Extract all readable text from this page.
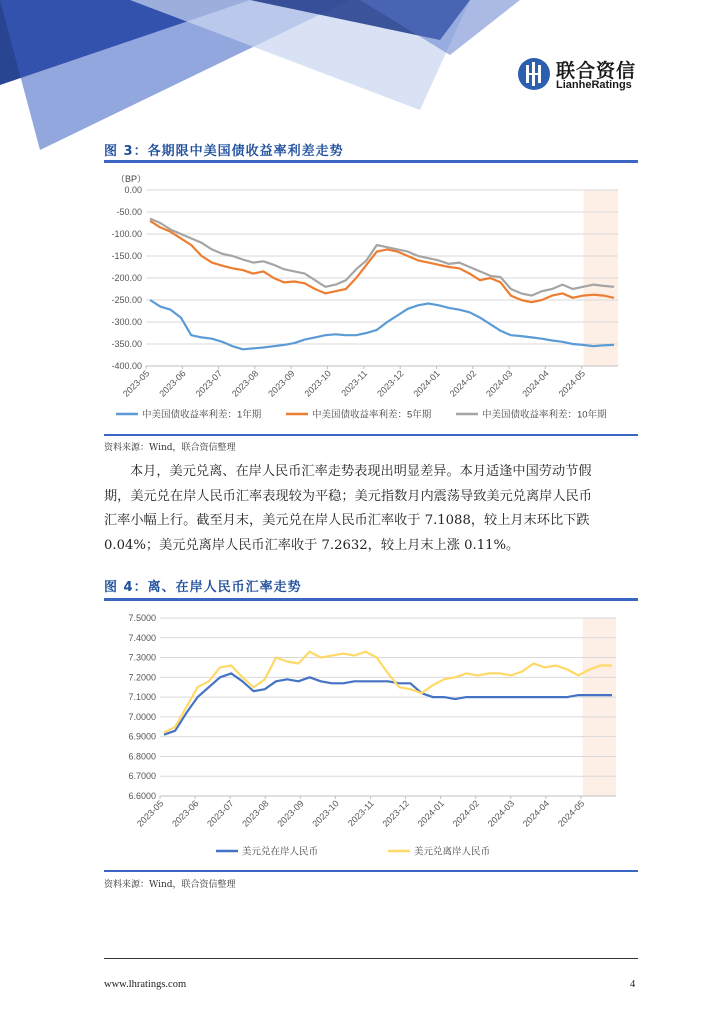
联合资信
LianheRatings
图 3：各期限中美国债收益率利差走势
0.00
-50.00
-100.00
-150.00
-200.00
-250.00
-300.00
-350.00
-400.00
2023-05 2023-06 2023-07 2023-08 2023-09 2023-10 2023-11 2023-12 2024-01 2024-02 2024-03 2024-04 2024-05
中美国债收益率利差：1年期	中美国债收益率利差：5年期	中美国债收益率利差：10年期
（BP）
资料来源：Wind，联合资信整理
本月，美元兑离、在岸人民币汇率走势表现出明显差异。本月适逢中国劳动节假
期，美元兑在岸人民币汇率表现较为平稳；美元指数月内震荡导致美元兑离岸人民币
汇率小幅上行。截至月末，美元兑在岸人民币汇率收于 7.1088，较上月末环比下跌
0.04%；美元兑离岸人民币汇率收于 7.2632，较上月末上涨 0.11%。
图 4：离、在岸人民币汇率走势
7.5000
7.4000
7.3000
7.2000
7.1000
7.0000
6.9000
6.8000
6.7000
6.6000
2023-05 2023-06 2023-07 2023-08 2023-09 2023-10 2023-11 2023-12 2024-01 2024-02 2024-03 2024-04 2024-05
美元兑在岸人民币	美元兑离岸人民币
资料来源：Wind，联合资信整理
www.lhratings.com	4
